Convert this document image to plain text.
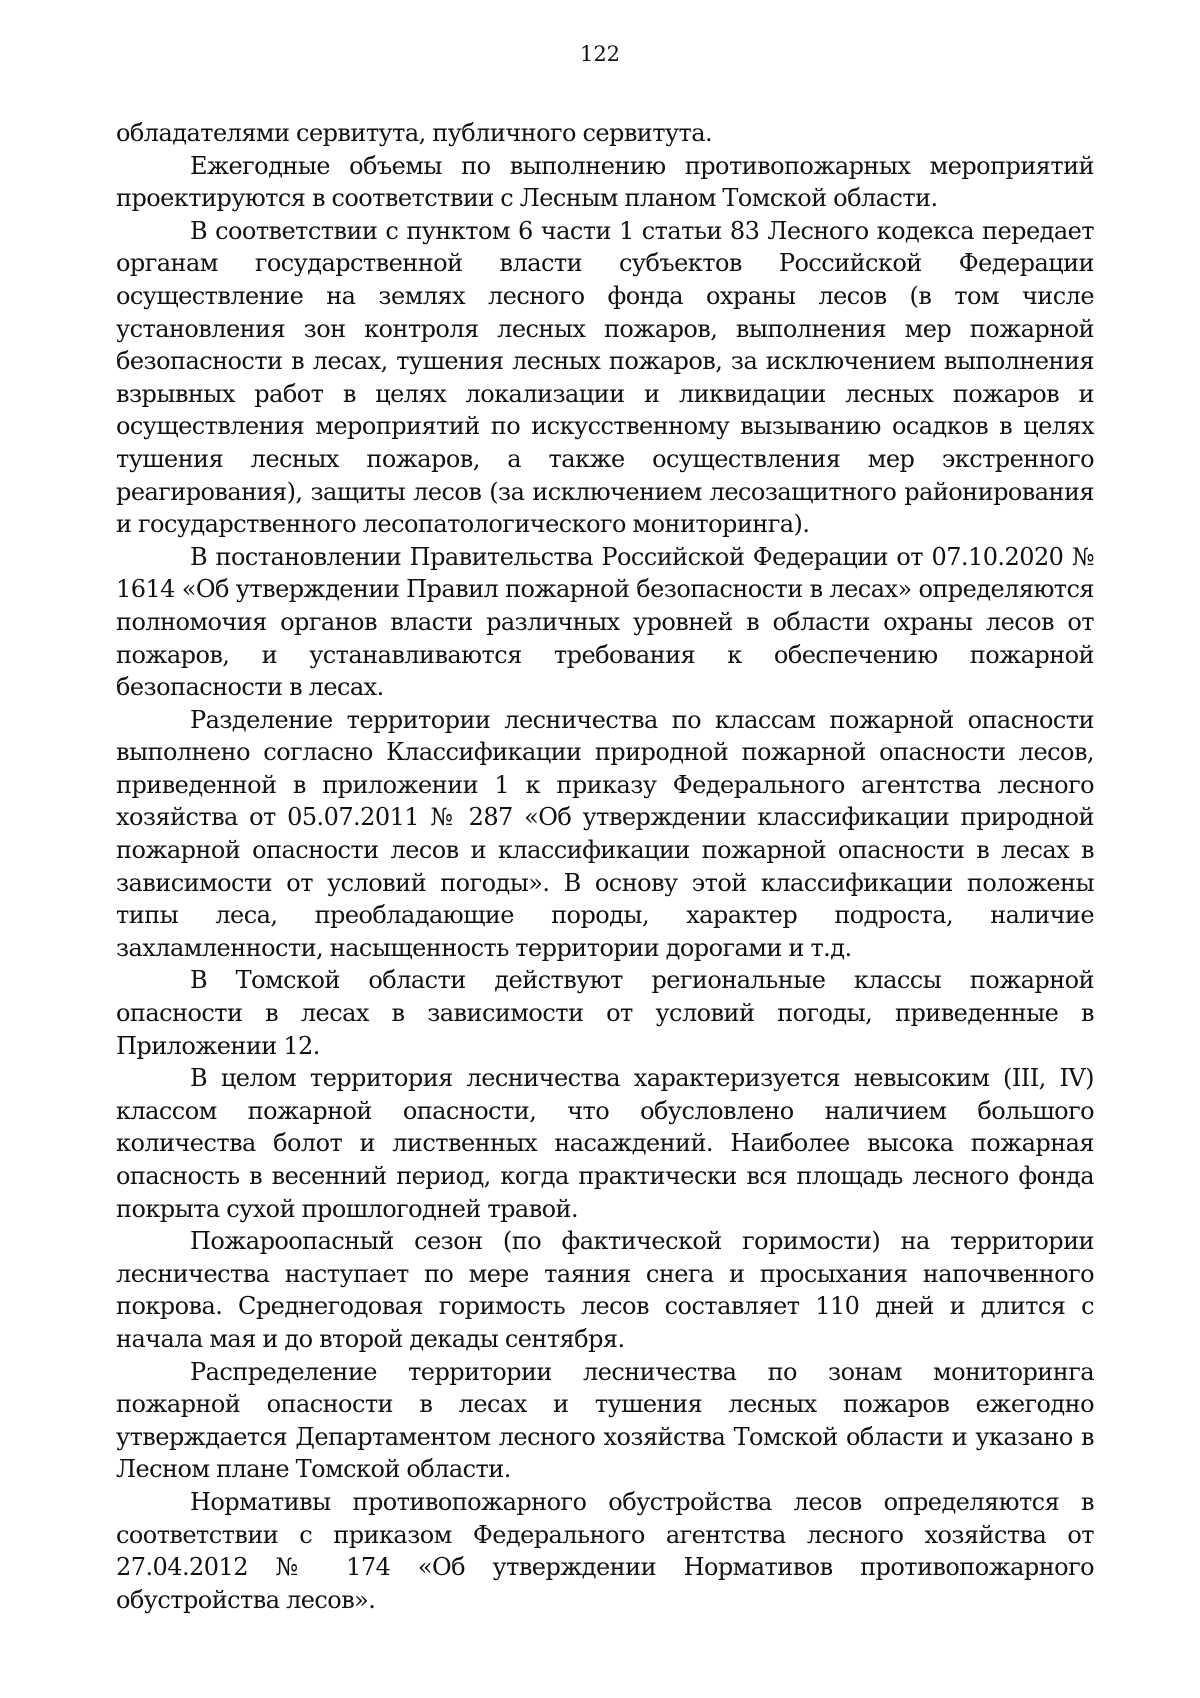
122

обладателями сервитута, публичного сервитута.

Ежегодные объемы по выполнению противопожарных мероприятий проектируются в соответствии с Лесным планом Томской области.

В соответствии с пунктом 6 части 1 статьи 83 Лесного кодекса передает органам государственной власти субъектов Российской Федерации осуществление на землях лесного фонда охраны лесов (в том числе установления зон контроля лесных пожаров, выполнения мер пожарной безопасности в лесах, тушения лесных пожаров, за исключением выполнения взрывных работ в целях локализации и ликвидации лесных пожаров и осуществления мероприятий по искусственному вызыванию осадков в целях тушения лесных пожаров, а также осуществления мер экстренного реагирования), защиты лесов (за исключением лесозащитного районирования и государственного лесопатологического мониторинга).

В постановлении Правительства Российской Федерации от 07.10.2020 № 1614 «Об утверждении Правил пожарной безопасности в лесах» определяются полномочия органов власти различных уровней в области охраны лесов от пожаров, и устанавливаются требования к обеспечению пожарной безопасности в лесах.

Разделение территории лесничества по классам пожарной опасности выполнено согласно Классификации природной пожарной опасности лесов, приведенной в приложении 1 к приказу Федерального агентства лесного хозяйства от 05.07.2011 № 287 «Об утверждении классификации природной пожарной опасности лесов и классификации пожарной опасности в лесах в зависимости от условий погоды». В основу этой классификации положены типы леса, преобладающие породы, характер подроста, наличие захламленности, насыщенность территории дорогами и т.д.

В Томской области действуют региональные классы пожарной опасности в лесах в зависимости от условий погоды, приведенные в Приложении 12.

В целом территория лесничества характеризуется невысоким (III, IV) классом пожарной опасности, что обусловлено наличием большого количества болот и лиственных насаждений. Наиболее высока пожарная опасность в весенний период, когда практически вся площадь лесного фонда покрыта сухой прошлогодней травой.

Пожароопасный сезон (по фактической горимости) на территории лесничества наступает по мере таяния снега и просыхания напочвенного покрова. Среднегодовая горимость лесов составляет 110 дней и длится с начала мая и до второй декады сентября.

Распределение территории лесничества по зонам мониторинга пожарной опасности в лесах и тушения лесных пожаров ежегодно утверждается Департаментом лесного хозяйства Томской области и указано в Лесном плане Томской области.

Нормативы противопожарного обустройства лесов определяются в соответствии с приказом Федерального агентства лесного хозяйства от 27.04.2012 № 174 «Об утверждении Нормативов противопожарного обустройства лесов».
